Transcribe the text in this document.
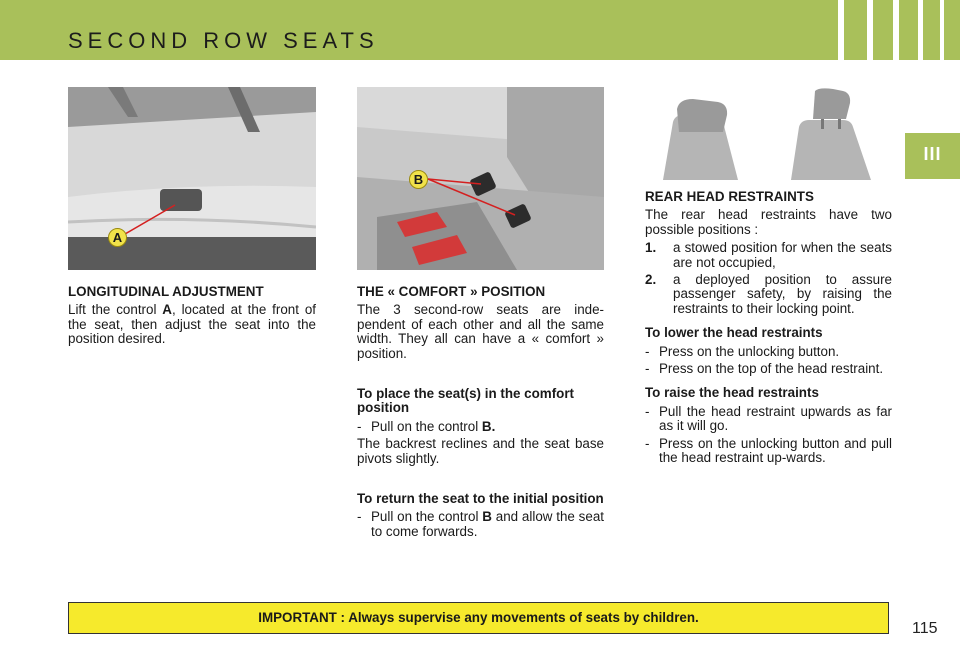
SECOND ROW SEATS
III
A
B
LONGITUDINAL ADJUSTMENT

Lift the control A, located at the front of the seat, then adjust the seat into the position desired.

THE « COMFORT » POSITION

The 3 second-row seats are inde-pendent of each other and all the same width. They all can have a « comfort » position.

To place the seat(s) in the comfort position
- Pull on the control B.

The backrest reclines and the seat base pivots slightly.

To return the seat to the initial position
- Pull on the control B and allow the seat to come forwards.
REAR HEAD RESTRAINTS

The rear head restraints have two possible positions :

1.	a stowed position for when the seats are not occupied,
2.	a deployed position to assure passenger safety, by raising the restraints to their locking point.
To lower the head restraints
- Press on the unlocking button.
- Press on the top of the head restraint.
To raise the head restraints
- Pull the head restraint upwards as far as it will go.
- Press on the unlocking button and pull the head restraint up-wards.
IMPORTANT : Always supervise any movements of seats by children.
115
